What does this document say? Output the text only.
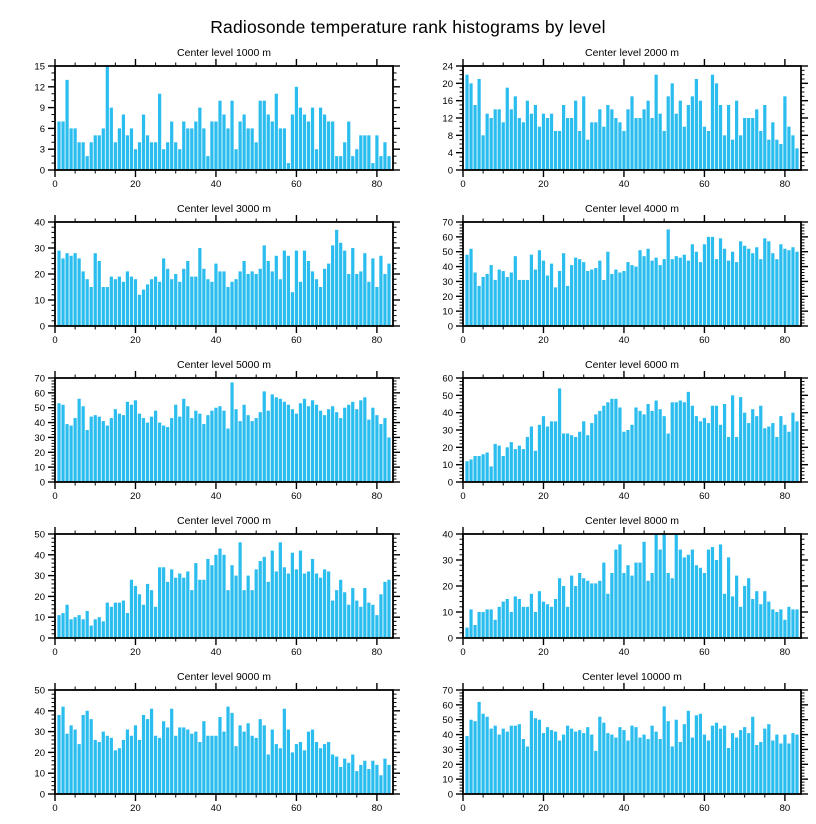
Radiosonde temperature rank histograms by level
Center level 1000 m
0	20	40	60	80
0
3
6
9
12
15
Center level 2000 m
0	20	40	60	80
0
4
8
12
16
20
24
Center level 3000 m
0	20	40	60	80
0
10
20
30
40
Center level 4000 m
0	20	40	60	80
0
10
20
30
40
50
60
70
Center level 5000 m
0	20	40	60	80
0
10
20
30
40
50
60
70
Center level 6000 m
0	20	40	60	80
0
10
20
30
40
50
60
Center level 7000 m
0	20	40	60	80
0
10
20
30
40
50
Center level 8000 m
0	20	40	60	80
0
10
20
30
40
Center level 9000 m
0	20	40	60	80
0
10
20
30
40
50
Center level 10000 m
0	20	40	60	80
0
10
20
30
40
50
60
70
